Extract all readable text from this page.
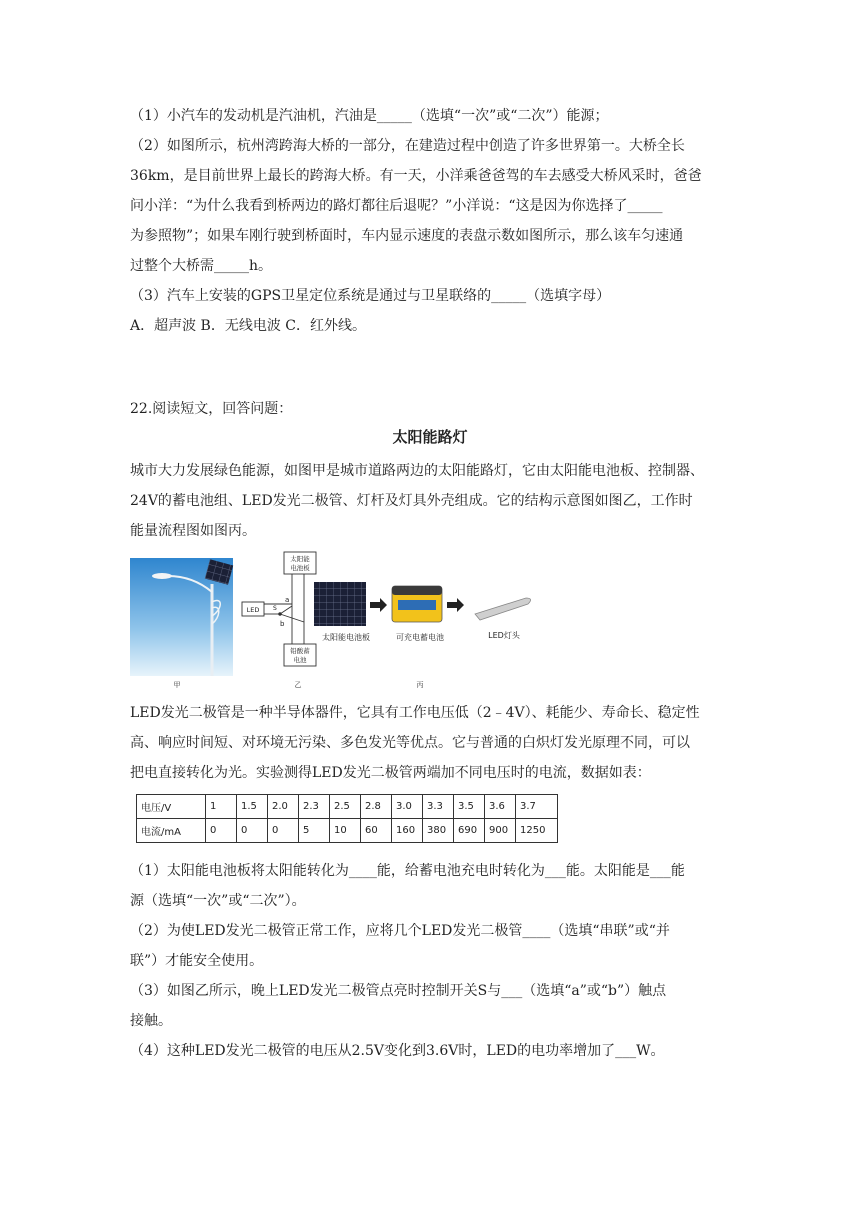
（1）小汽车的发动机是汽油机，汽油是_____（选填“一次”或“二次”）能源；
（2）如图所示，杭州湾跨海大桥的一部分，在建造过程中创造了许多世界第一。大桥全长
36km，是目前世界上最长的跨海大桥。有一天，小洋乘爸爸驾的车去感受大桥风采时，爸爸
问小洋：“为什么我看到桥两边的路灯都往后退呢？”小洋说：“这是因为你选择了_____
为参照物”；如果车刚行驶到桥面时，车内显示速度的表盘示数如图所示，那么该车匀速通
过整个大桥需_____h。
（3）汽车上安装的GPS卫星定位系统是通过与卫星联络的_____（选填字母）
A．超声波 B．无线电波 C．红外线。
22.阅读短文，回答问题：
太阳能路灯
城市大力发展绿色能源，如图甲是城市道路两边的太阳能路灯，它由太阳能电池板、控制器、
24V的蓄电池组、LED发光二极管、灯杆及灯具外壳组成。它的结构示意图如图乙，工作时
能量流程图如图丙。
甲
太阳能
电池板
铅酸蓄
电池
LED
a
b
S
乙
太阳能电池板	可充电蓄电池	LED灯头
丙
LED发光二极管是一种半导体器件，它具有工作电压低（2﹣4V）、耗能少、寿命长、稳定性
高、响应时间短、对环境无污染、多色发光等优点。它与普通的白炽灯发光原理不同，可以
把电直接转化为光。实验测得LED发光二极管两端加不同电压时的电流，数据如表：
电压/V	1	1.5	2.0	2.3	2.5	2.8	3.0	3.3	3.5	3.6	3.7
电流/mA	0	0	0	5	10	60	160	380	690	900	1250
（1）太阳能电池板将太阳能转化为____能，给蓄电池充电时转化为___能。太阳能是___能
源（选填“一次”或“二次”）。
（2）为使LED发光二极管正常工作，应将几个LED发光二极管____（选填“串联”或“并
联”）才能安全使用。
（3）如图乙所示，晚上LED发光二极管点亮时控制开关S与___（选填“a”或“b”）触点
接触。
（4）这种LED发光二极管的电压从2.5V变化到3.6V时，LED的电功率增加了___W。
